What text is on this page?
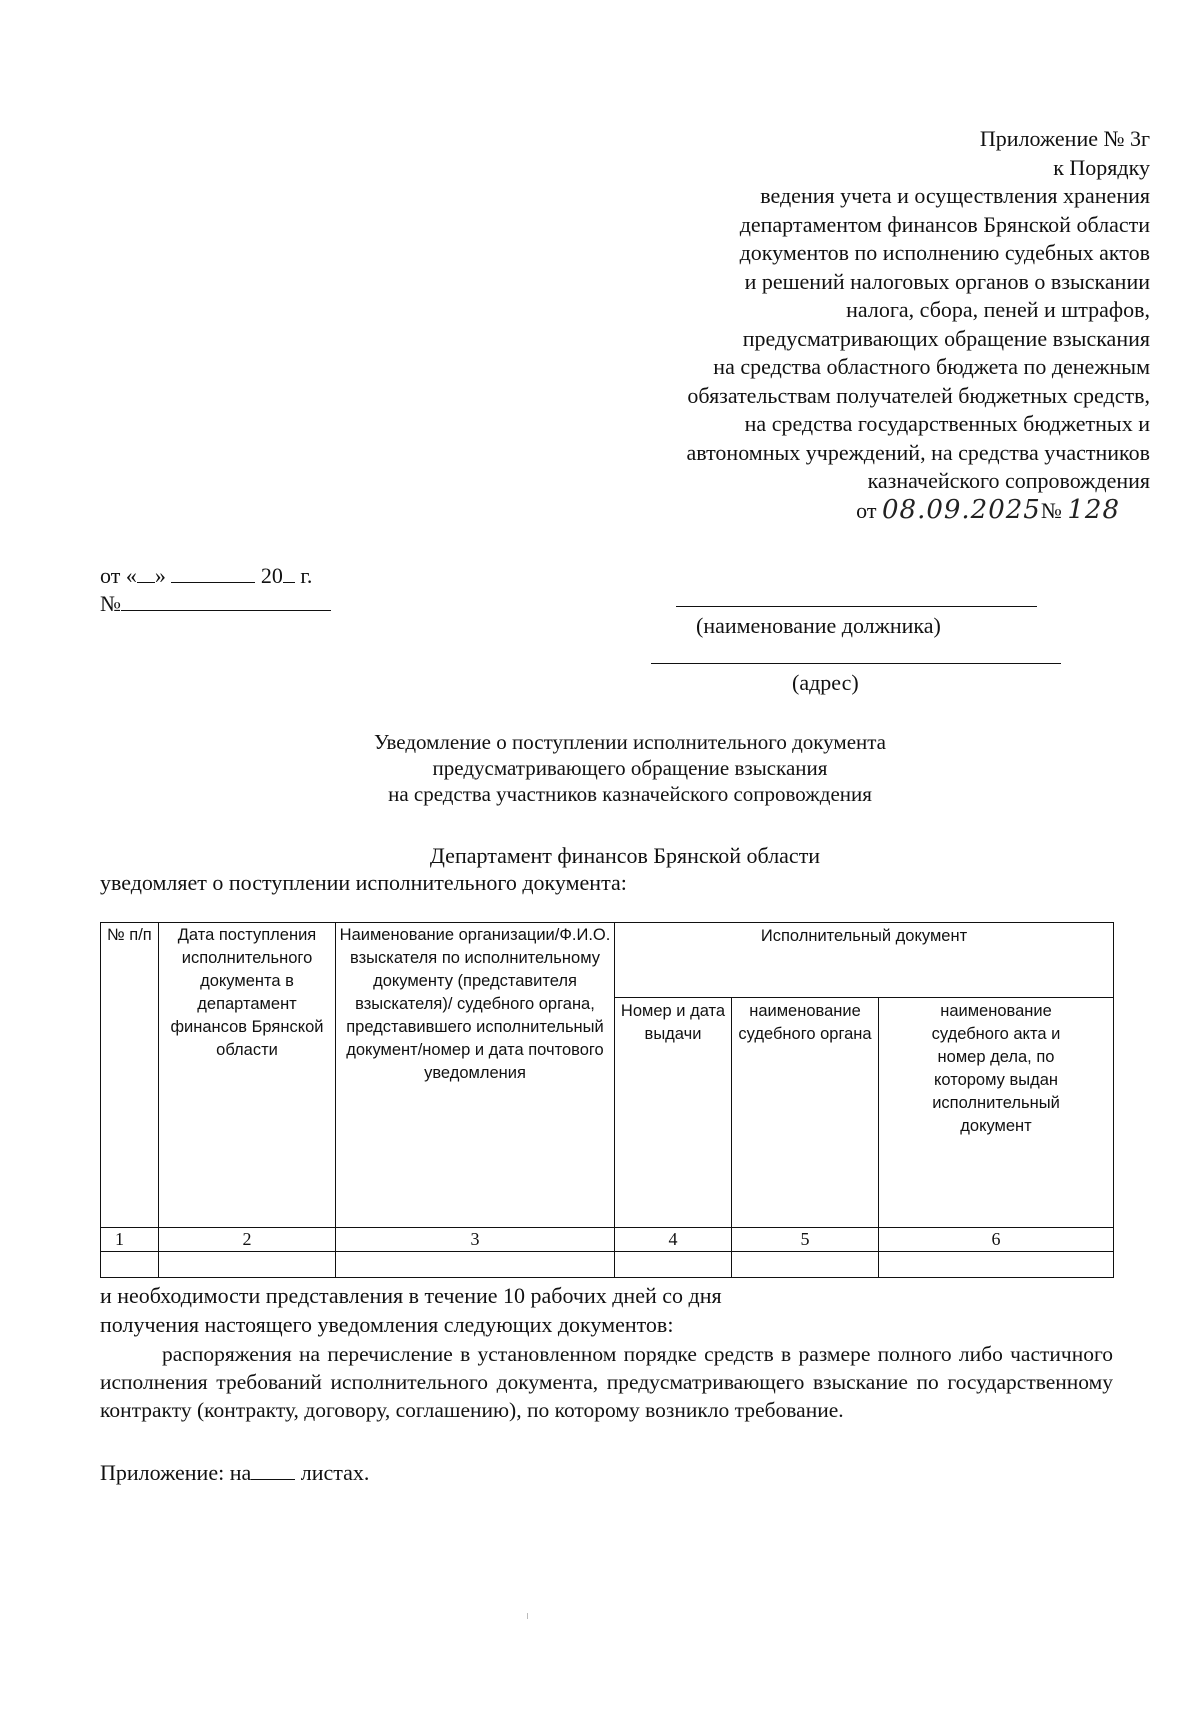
Приложение № 3г
к Порядку
ведения учета и осуществления хранения
департаментом финансов Брянской области
документов по исполнению судебных актов
и решений налоговых органов о взыскании
налога, сбора, пеней и штрафов,
предусматривающих обращение взыскания
на средства областного бюджета по денежным
обязательствам получателей бюджетных средств,
на средства государственных бюджетных и
автономных учреждений, на средства участников
казначейского сопровождения
от 08.09.2025№ 128
от « »	20 г.
№
(наименование должника)
(адрес)
Уведомление о поступлении исполнительного документа
предусматривающего обращение взыскания
на средства участников казначейского сопровождения
Департамент финансов Брянской области
уведомляет о поступлении исполнительного документа:
№ п/п	Дата поступления исполнительного документа в департамент финансов Брянской области	Наименование организации/Ф.И.О. взыскателя по исполнительному документу (представителя взыскателя)/ судебного органа, представившего исполнительный документ/номер и дата почтового уведомления	Исполнительный документ		
			Номер и дата выдачи	наименование судебного органа	наименование судебного акта и номер дела, по которому выдан исполнительный документ
1	2	3	4	5	6

и необходимости представления в течение 10 рабочих дней со дня
получения настоящего уведомления следующих документов:
распоряжения на перечисление в установленном порядке средств в размере полного либо частичного исполнения требований исполнительного документа, предусматривающего взыскание по государственному контракту (контракту, договору, соглашению), по которому возникло требование.
Приложение: на листах.
